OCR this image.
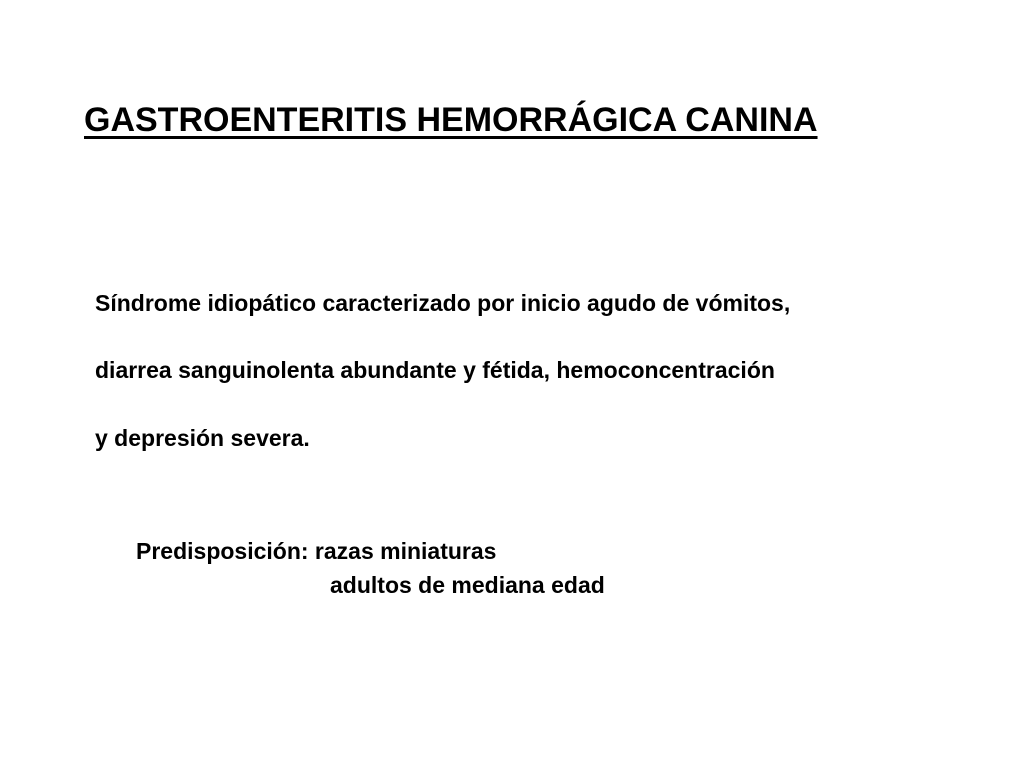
GASTROENTERITIS HEMORRÁGICA CANINA
Síndrome idiopático caracterizado por inicio agudo de vómitos,
diarrea sanguinolenta abundante y fétida, hemoconcentración
y depresión severa.
Predisposición: razas miniaturas
adultos de mediana edad
